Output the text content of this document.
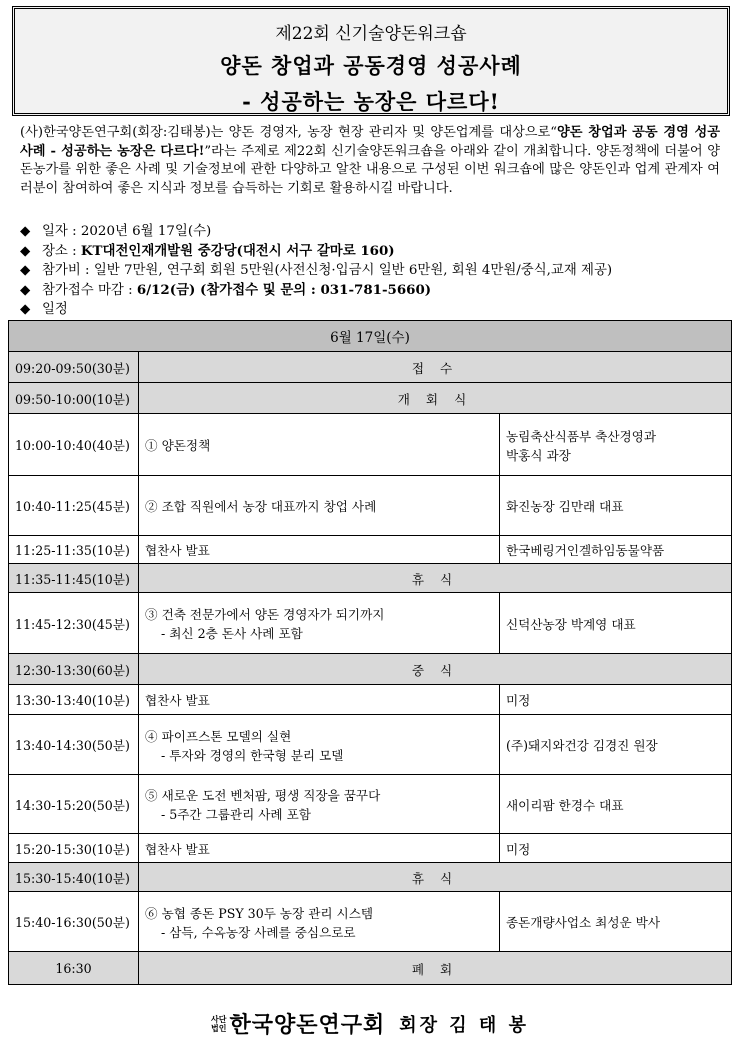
제22회 신기술양돈워크숍
양돈 창업과 공동경영 성공사례
- 성공하는 농장은 다르다!
(사)한국양돈연구회(회장:김태봉)는 양돈 경영자, 농장 현장 관리자 및 양돈업계를 대상으로“양돈 창업과 공동 경영 성공 사례 - 성공하는 농장은 다르다!”라는 주제로 제22회 신기술양돈워크숍을 아래와 같이 개최합니다. 양돈정책에 더불어 양돈농가를 위한 좋은 사례 및 기술정보에 관한 다양하고 알찬 내용으로 구성된 이번 워크숍에 많은 양돈인과 업계 관계자 여러분이 참여하여 좋은 지식과 정보를 습득하는 기회로 활용하시길 바랍니다.
◆ 일자 : 2020년 6월 17일(수)
◆ 장소 : KT대전인재개발원 중강당(대전시 서구 갈마로 160)
◆ 참가비 : 일반 7만원, 연구회 회원 5만원(사전신청·입금시 일반 6만원, 회원 4만원/중식,교재 제공)
◆ 참가접수 마감 : 6/12(금) (참가접수 및 문의 : 031-781-5660)
◆ 일정
6월 17일(수)		
09:20-09:50(30분)	접 수	
09:50-10:00(10분)	개 회 식	
10:00-10:40(40분)	① 양돈정책	농림축산식품부 축산경영과
박홍식 과장

10:40-11:25(45분)	② 조합 직원에서 농장 대표까지 창업 사례	화진농장 김만래 대표
11:25-11:35(10분)	협찬사 발표	한국베링거인겔하임동물약품
11:35-11:45(10분)	휴 식	
11:45-12:30(45분)	③ 건축 전문가에서 양돈 경영자가 되기까지
- 최신 2층 돈사 사례 포함	신덕산농장 박계영 대표
12:30-13:30(60분)	중 식	
13:30-13:40(10분)	협찬사 발표	미정
13:40-14:30(50분)	④ 파이프스톤 모델의 실현
- 투자와 경영의 한국형 분리 모델	(주)돼지와건강 김경진 원장
14:30-15:20(50분)	⑤ 새로운 도전 벤처팜, 평생 직장을 꿈꾸다
- 5주간 그룹관리 사례 포함	새이리팜 한경수 대표
15:20-15:30(10분)	협찬사 발표	미정
15:30-15:40(10분)	휴 식	
15:40-16:30(50분)	⑥ 농협 종돈 PSY 30두 농장 관리 시스템
- 삼득, 수옥농장 사례를 중심으로로	종돈개량사업소 최성운 박사
16:30	폐 회	
사단
법인 한국양돈연구회 회장 김 태 봉
